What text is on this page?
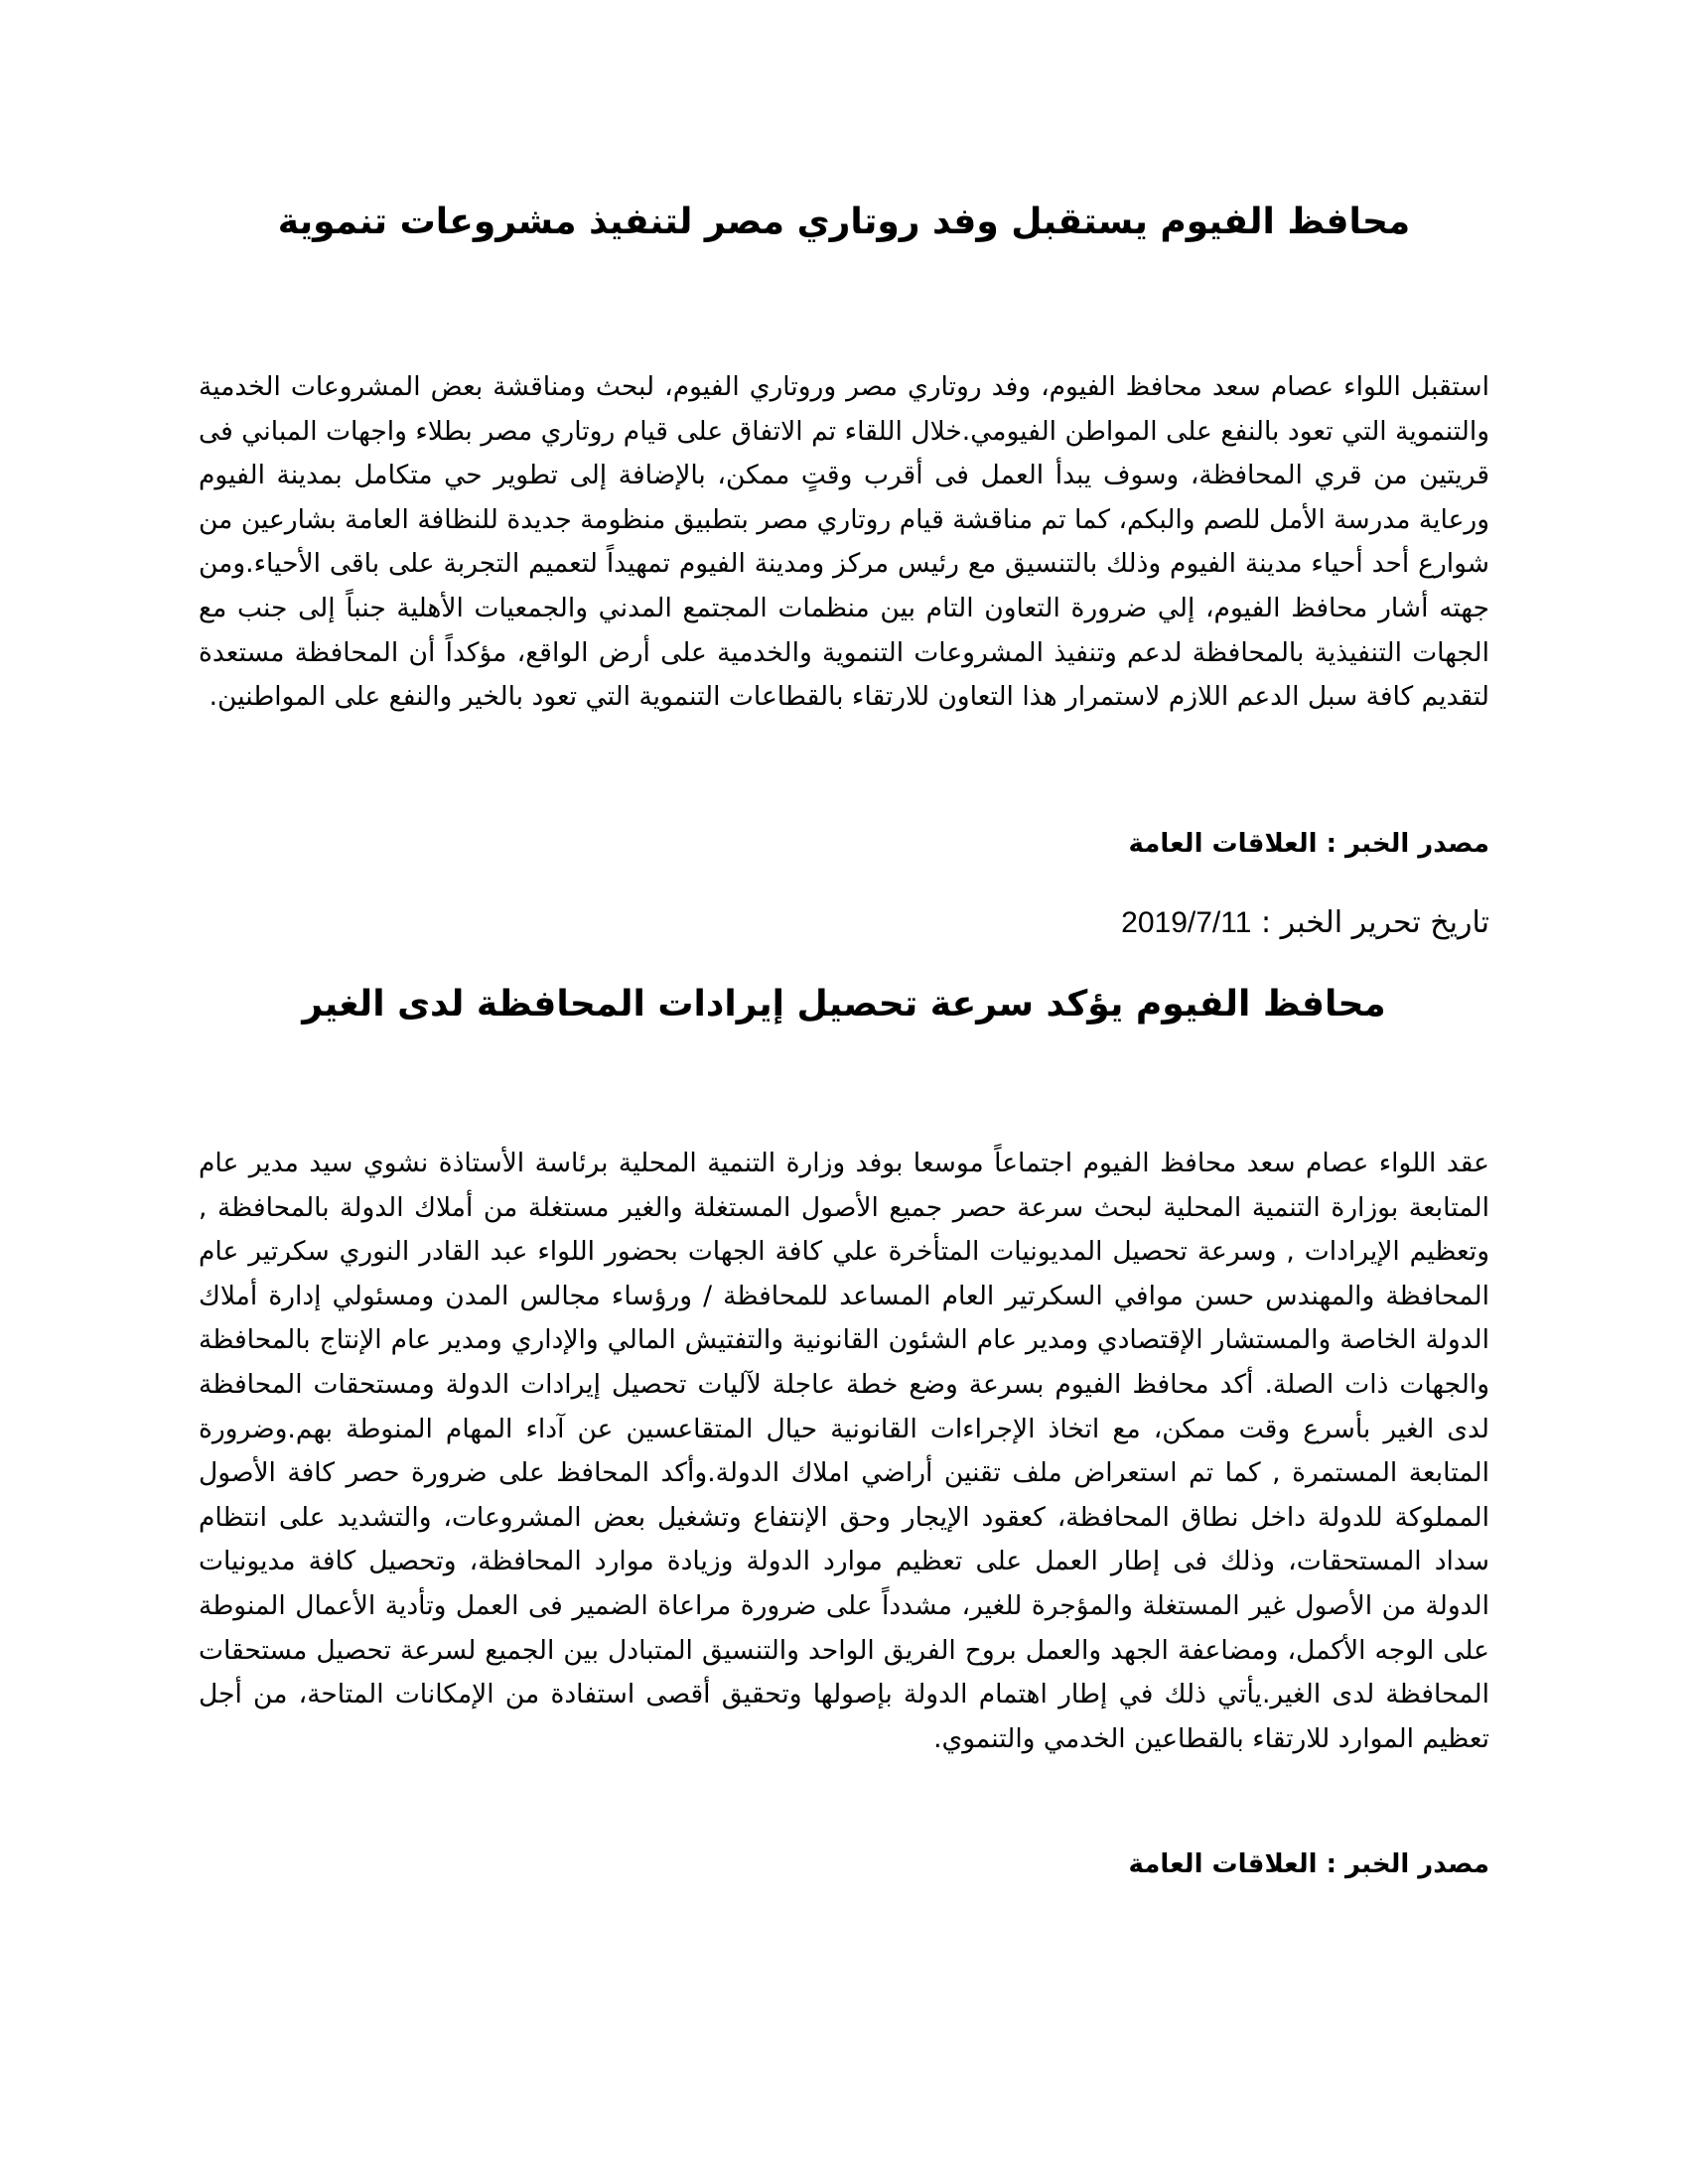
محافظ الفيوم يستقبل وفد روتاري مصر لتنفيذ مشروعات تنموية

استقبل اللواء عصام سعد محافظ الفيوم، وفد روتاري مصر وروتاري الفيوم، لبحث ومناقشة بعض المشروعات الخدمية والتنموية التي تعود بالنفع على المواطن الفيومي.خلال اللقاء تم الاتفاق على قيام روتاري مصر بطلاء واجهات المباني فى قريتين من قري المحافظة، وسوف يبدأ العمل فى أقرب وقتٍ ممكن، بالإضافة إلى تطوير حي متكامل بمدينة الفيوم ورعاية مدرسة الأمل للصم والبكم، كما تم مناقشة قيام روتاري مصر بتطبيق منظومة جديدة للنظافة العامة بشارعين من شوارع أحد أحياء مدينة الفيوم وذلك بالتنسيق مع رئيس مركز ومدينة الفيوم تمهيداً لتعميم التجربة على باقى الأحياء.ومن جهته أشار محافظ الفيوم، إلي ضرورة التعاون التام بين منظمات المجتمع المدني والجمعيات الأهلية جنباً إلى جنب مع الجهات التنفيذية بالمحافظة لدعم وتنفيذ المشروعات التنموية والخدمية على أرض الواقع، مؤكداً أن المحافظة مستعدة لتقديم كافة سبل الدعم اللازم لاستمرار هذا التعاون للارتقاء بالقطاعات التنموية التي تعود بالخير والنفع على المواطنين.

مصدر الخبر : العلاقات العامة

تاريخ تحرير الخبر : 2019/7/11

محافظ الفيوم يؤكد سرعة تحصيل إيرادات المحافظة لدى الغير

عقد اللواء عصام سعد محافظ الفيوم اجتماعاً موسعا بوفد وزارة التنمية المحلية برئاسة الأستاذة نشوي سيد مدير عام المتابعة بوزارة التنمية المحلية لبحث سرعة حصر جميع الأصول المستغلة والغير مستغلة من أملاك الدولة بالمحافظة , وتعظيم الإيرادات , وسرعة تحصيل المديونيات المتأخرة علي كافة الجهات بحضور اللواء عبد القادر النوري سكرتير عام المحافظة والمهندس حسن موافي السكرتير العام المساعد للمحافظة / ورؤساء مجالس المدن ومسئولي إدارة أملاك الدولة الخاصة والمستشار الإقتصادي ومدير عام الشئون القانونية والتفتيش المالي والإداري ومدير عام الإنتاج بالمحافظة والجهات ذات الصلة. أكد محافظ الفيوم بسرعة وضع خطة عاجلة لآليات تحصيل إيرادات الدولة ومستحقات المحافظة لدى الغير بأسرع وقت ممكن، مع اتخاذ الإجراءات القانونية حيال المتقاعسين عن آداء المهام المنوطة بهم.وضرورة المتابعة المستمرة , كما تم استعراض ملف تقنين أراضي املاك الدولة.وأكد المحافظ على ضرورة حصر كافة الأصول المملوكة للدولة داخل نطاق المحافظة، كعقود الإيجار وحق الإنتفاع وتشغيل بعض المشروعات، والتشديد على انتظام سداد المستحقات، وذلك فى إطار العمل على تعظيم موارد الدولة وزيادة موارد المحافظة، وتحصيل كافة مديونيات الدولة من الأصول غير المستغلة والمؤجرة للغير، مشدداً على ضرورة مراعاة الضمير فى العمل وتأدية الأعمال المنوطة على الوجه الأكمل، ومضاعفة الجهد والعمل بروح الفريق الواحد والتنسيق المتبادل بين الجميع لسرعة تحصيل مستحقات المحافظة لدى الغير.يأتي ذلك في إطار اهتمام الدولة بإصولها وتحقيق أقصى استفادة من الإمكانات المتاحة، من أجل تعظيم الموارد للارتقاء بالقطاعين الخدمي والتنموي.

مصدر الخبر : العلاقات العامة
